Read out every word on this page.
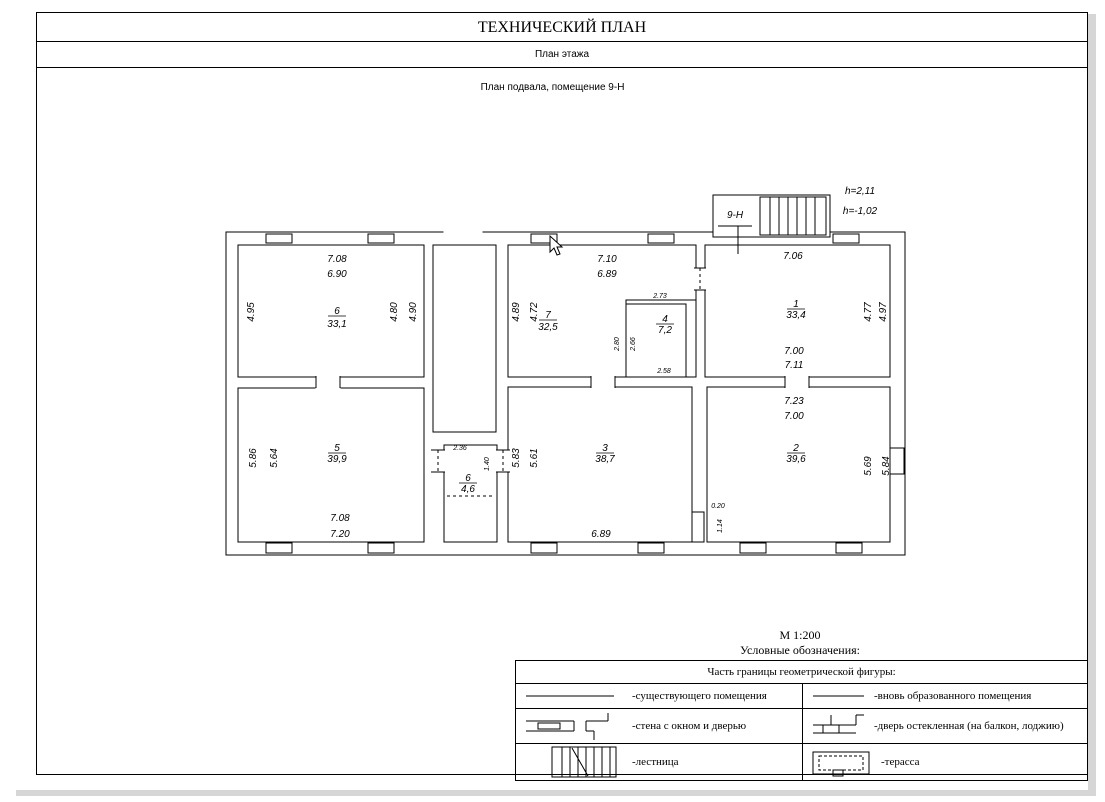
ТЕХНИЧЕСКИЙ ПЛАН
План этажа
План подвала, помещение 9-Н
9-Н
h=2,11
h=-1,02
6
33,1
7
32,5
4
7,2
1
33,4
5
39,9
6
4,6
3
38,7
2
39,6
7.08
6.90
4.95	4.80 4.90
7.10
6.89
4.89 4.72
2.73
2.80 2.66
2.58
7.06
4.77 4.97
7.00
7.11
7.23
7.00
5.86 5.64
7.08
7.20
2.36
1.40 5.83 5.61
6.89
0.20
1.14
5.69 5.84
М 1:200
Условные обозначения:
Часть границы геометрической фигуры:	
-существующего помещения	-вновь образованного помещения
-стена с окном и дверью	-дверь остекленная (на балкон, лоджию)
-лестница	-терасса
